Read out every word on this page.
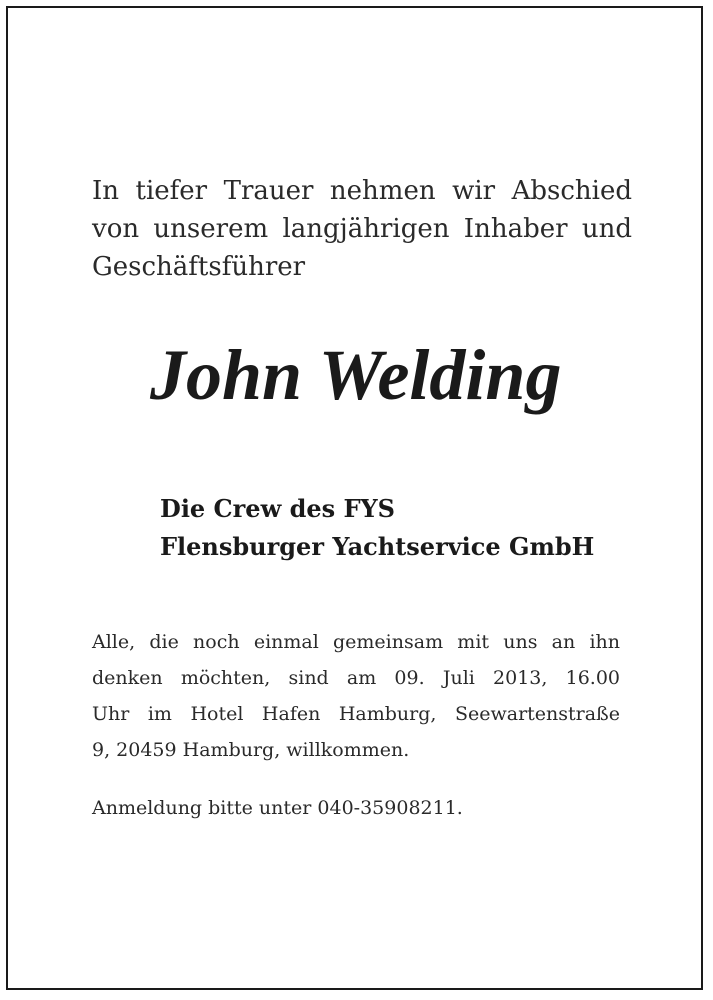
In tiefer Trauer nehmen wir Abschied
von unserem langjährigen Inhaber und
Geschäftsführer

John Welding

Die Crew des FYS
Flensburger Yachtservice GmbH

Alle, die noch einmal gemeinsam mit uns an ihn
denken möchten, sind am 09. Juli 2013, 16.00
Uhr im Hotel Hafen Hamburg, Seewartenstraße
9, 20459 Hamburg, willkommen.

Anmeldung bitte unter 040-35908211.
